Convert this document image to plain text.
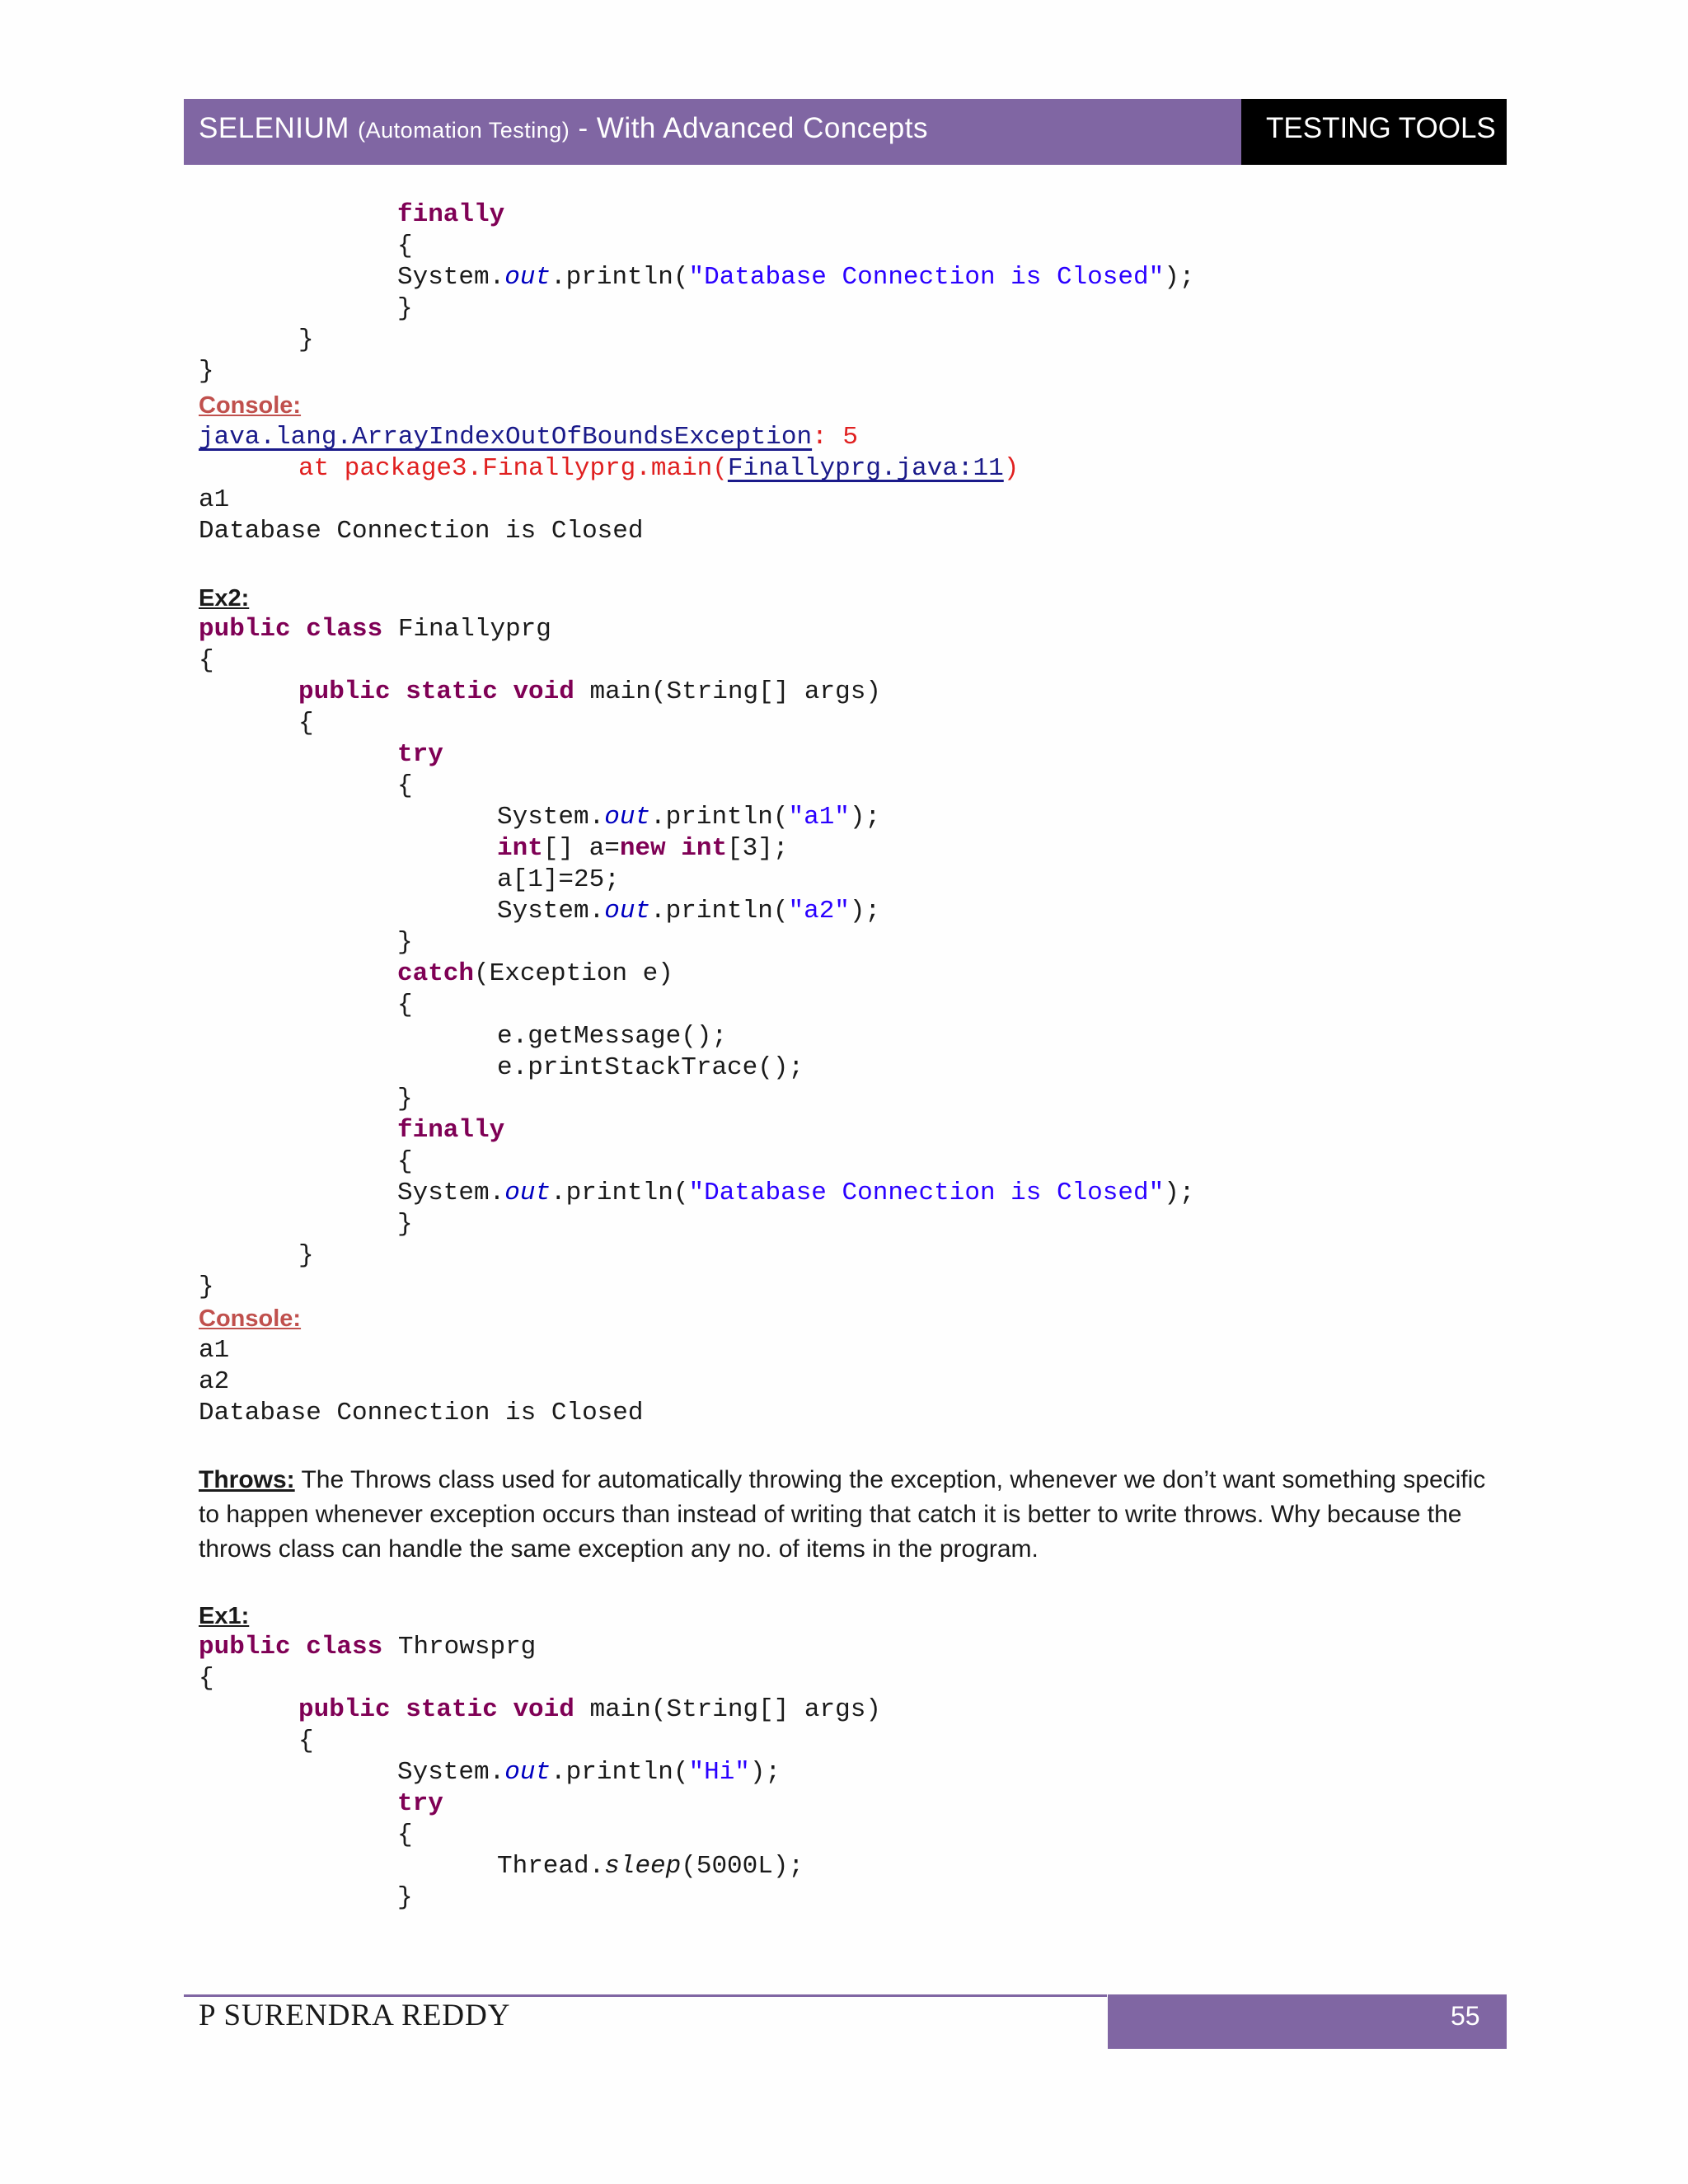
SELENIUM (Automation Testing) - With Advanced Concepts	TESTING TOOLS
finally
{
System.out.println("Database Connection is Closed");
}
}
}
Console:
java.lang.ArrayIndexOutOfBoundsException: 5
at package3.Finallyprg.main(Finallyprg.java:11)
a1
Database Connection is Closed
Ex2:
public class Finallyprg
{
public static void main(String[] args)
{
try
{
System.out.println("a1");
int[] a=new int[3];
a[1]=25;
System.out.println("a2");
}
catch(Exception e)
{
e.getMessage();
e.printStackTrace();
}
finally
{
System.out.println("Database Connection is Closed");
}
}
}
Console:
a1
a2
Database Connection is Closed
Throws: The Throws class used for automatically throwing the exception, whenever we don’t want something specific to happen whenever exception occurs than instead of writing that catch it is better to write throws. Why because the throws class can handle the same exception any no. of items in the program.
Ex1:
public class Throwsprg
{
public static void main(String[] args)
{
System.out.println("Hi");
try
{
Thread.sleep(5000L);
}
P SURENDRA REDDY	55
